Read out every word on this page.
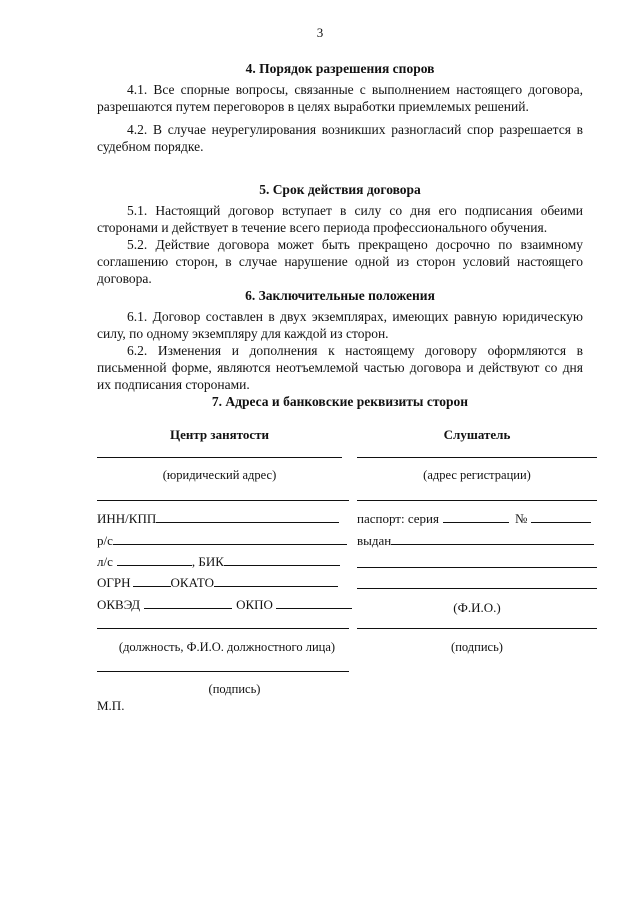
3
4. Порядок разрешения споров

4.1. Все спорные вопросы, связанные с выполнением настоящего договора, разрешаются путем переговоров в целях выработки приемлемых решений.

4.2. В случае неурегулирования возникших разногласий спор разрешается в судебном порядке.

5. Срок действия договора

5.1. Настоящий договор вступает в силу со дня его подписания обеими сторонами и действует в течение всего периода профессионального обучения.

5.2. Действие договора может быть прекращено досрочно по взаимному соглашению сторон, в случае нарушение одной из сторон условий настоящего договора.

6. Заключительные положения

6.1. Договор составлен в двух экземплярах, имеющих равную юридическую силу, по одному экземпляру для каждой из сторон.

6.2. Изменения и дополнения к настоящему договору оформляются в письменной форме, являются неотъемлемой частью договора и действуют со дня их подписания сторонами.

7. Адреса и банковские реквизиты сторон
Центр занятости	Слушатель
(юридический адрес)	(адрес регистрации)
ИНН/КПП
р/с
л/с	, БИК
ОГРН	ОКАТО
ОКВЭД	ОКПО
паспорт: серия	№
выдан
(Ф.И.О.)
(должность, Ф.И.О. должностного лица)	(подпись)
(подпись)
М.П.
